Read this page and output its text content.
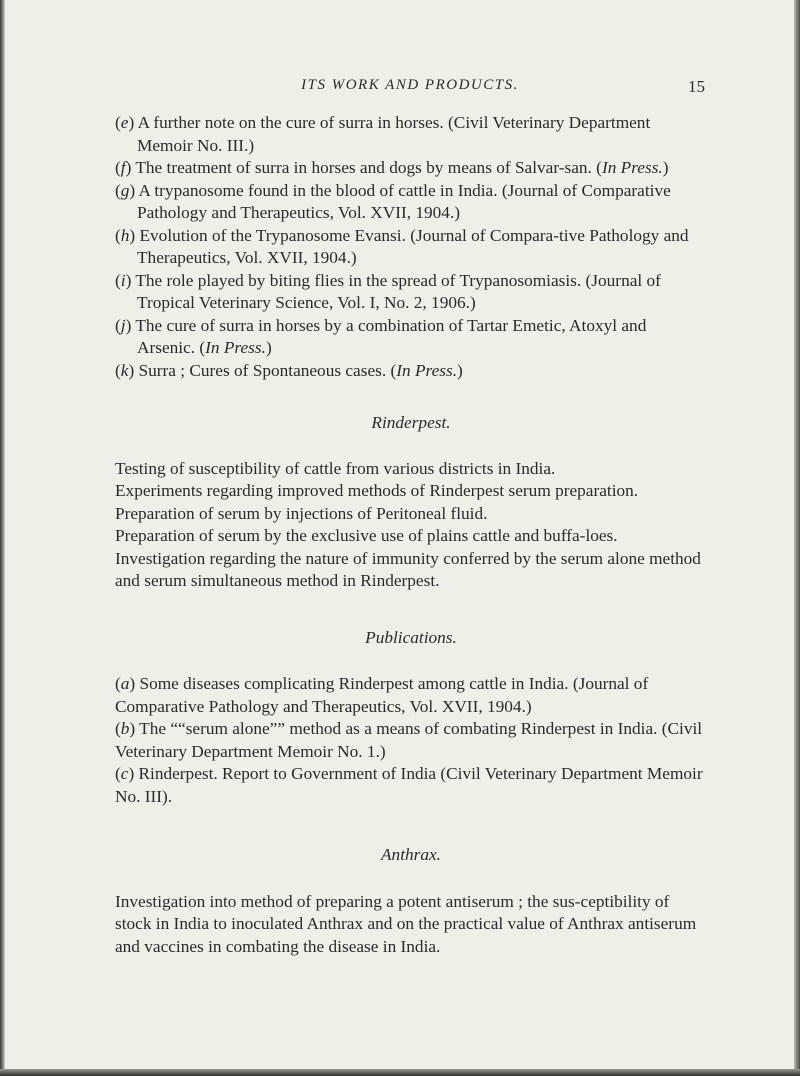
ITS WORK AND PRODUCTS.	15

(e) A further note on the cure of surra in horses. (Civil Veterinary Department Memoir No. III.)

(f) The treatment of surra in horses and dogs by means of Salvar-san. (In Press.)

(g) A trypanosome found in the blood of cattle in India. (Journal of Comparative Pathology and Therapeutics, Vol. XVII, 1904.)

(h) Evolution of the Trypanosome Evansi. (Journal of Compara-tive Pathology and Therapeutics, Vol. XVII, 1904.)

(i) The role played by biting flies in the spread of Trypanosomiasis. (Journal of Tropical Veterinary Science, Vol. I, No. 2, 1906.)

(j) The cure of surra in horses by a combination of Tartar Emetic, Atoxyl and Arsenic. (In Press.)

(k) Surra ; Cures of Spontaneous cases. (In Press.)

Rinderpest.

Testing of susceptibility of cattle from various districts in India.

Experiments regarding improved methods of Rinderpest serum preparation.

Preparation of serum by injections of Peritoneal fluid.

Preparation of serum by the exclusive use of plains cattle and buffa-loes.

Investigation regarding the nature of immunity conferred by the serum alone method and serum simultaneous method in Rinderpest.

Publications.

(a) Some diseases complicating Rinderpest among cattle in India. (Journal of Comparative Pathology and Therapeutics, Vol. XVII, 1904.)

(b) The ““serum alone”” method as a means of combating Rinderpest in India. (Civil Veterinary Department Memoir No. 1.)

(c) Rinderpest. Report to Government of India (Civil Veterinary Department Memoir No. III).

Anthrax.

Investigation into method of preparing a potent antiserum ; the sus-ceptibility of stock in India to inoculated Anthrax and on the practical value of Anthrax antiserum and vaccines in combating the disease in India.
